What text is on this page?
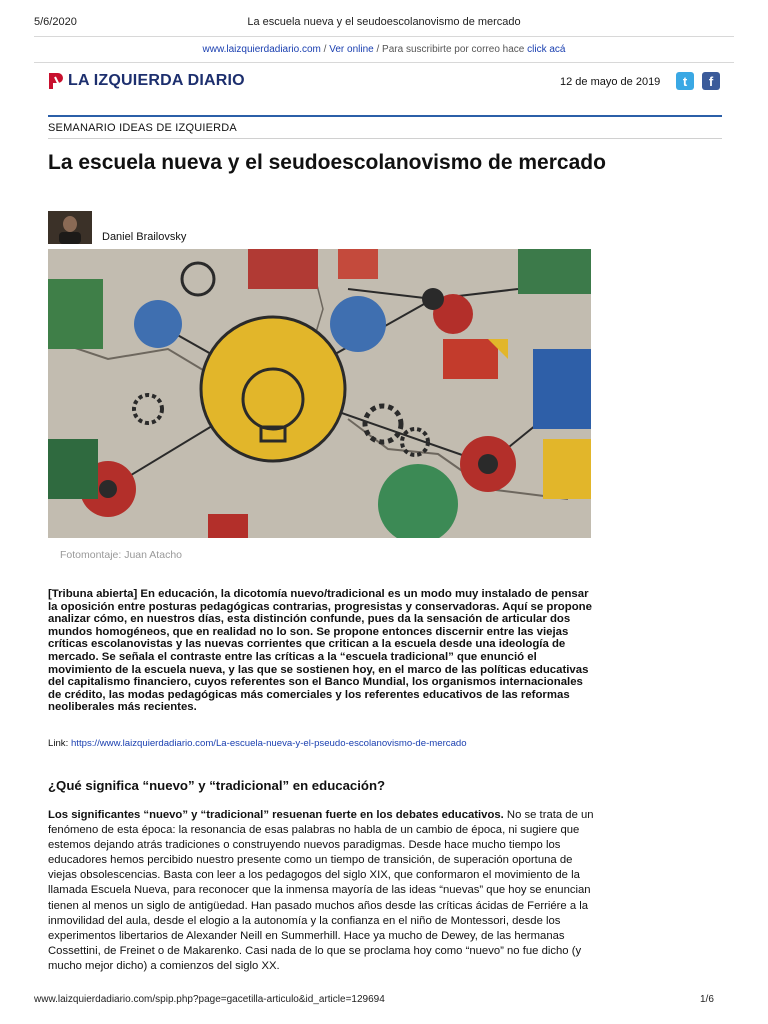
5/6/2020	La escuela nueva y el seudoescolanovismo de mercado
www.laizquierdadiario.com / Ver online / Para suscribirte por correo hace click acá
LA IZQUIERDA DIARIO	12 de mayo de 2019	t	f
SEMANARIO IDEAS DE IZQUIERDA
La escuela nueva y el seudoescolanovismo de mercado
Daniel Brailovsky
Fotomontaje: Juan Atacho

[Tribuna abierta] En educación, la dicotomía nuevo/tradicional es un modo muy instalado de pensar la oposición entre posturas pedagógicas contrarias, progresistas y conservadoras. Aquí se propone analizar cómo, en nuestros días, esta distinción confunde, pues da la sensación de articular dos mundos homogéneos, que en realidad no lo son. Se propone entonces discernir entre las viejas críticas escolanovistas y las nuevas corrientes que critican a la escuela desde una ideología de mercado. Se señala el contraste entre las críticas a la “escuela tradicional” que enunció el movimiento de la escuela nueva, y las que se sostienen hoy, en el marco de las políticas educativas del capitalismo financiero, cuyos referentes son el Banco Mundial, los organismos internacionales de crédito, las modas pedagógicas más comerciales y los referentes educativos de las reformas neoliberales más recientes.

Link: https://www.laizquierdadiario.com/La-escuela-nueva-y-el-pseudo-escolanovismo-de-mercado
¿Qué significa “nuevo” y “tradicional” en educación?

Los significantes “nuevo” y “tradicional” resuenan fuerte en los debates educativos. No se trata de un fenómeno de esta época: la resonancia de esas palabras no habla de un cambio de época, ni sugiere que estemos dejando atrás tradiciones o construyendo nuevos paradigmas. Desde hace mucho tiempo los educadores hemos percibido nuestro presente como un tiempo de transición, de superación oportuna de viejas obsolescencias. Basta con leer a los pedagogos del siglo XIX, que conformaron el movimiento de la llamada Escuela Nueva, para reconocer que la inmensa mayoría de las ideas “nuevas” que hoy se enuncian tienen al menos un siglo de antigüedad. Han pasado muchos años desde las críticas ácidas de Ferriére a la inmovilidad del aula, desde el elogio a la autonomía y la confianza en el niño de Montessori, desde los experimentos libertarios de Alexander Neill en Summerhill. Hace ya mucho de Dewey, de las hermanas Cossettini, de Freinet o de Makarenko. Casi nada de lo que se proclama hoy como “nuevo” no fue dicho (y mucho mejor dicho) a comienzos del siglo XX.

www.laizquierdadiario.com/spip.php?page=gacetilla-articulo&id_article=129694	1/6
